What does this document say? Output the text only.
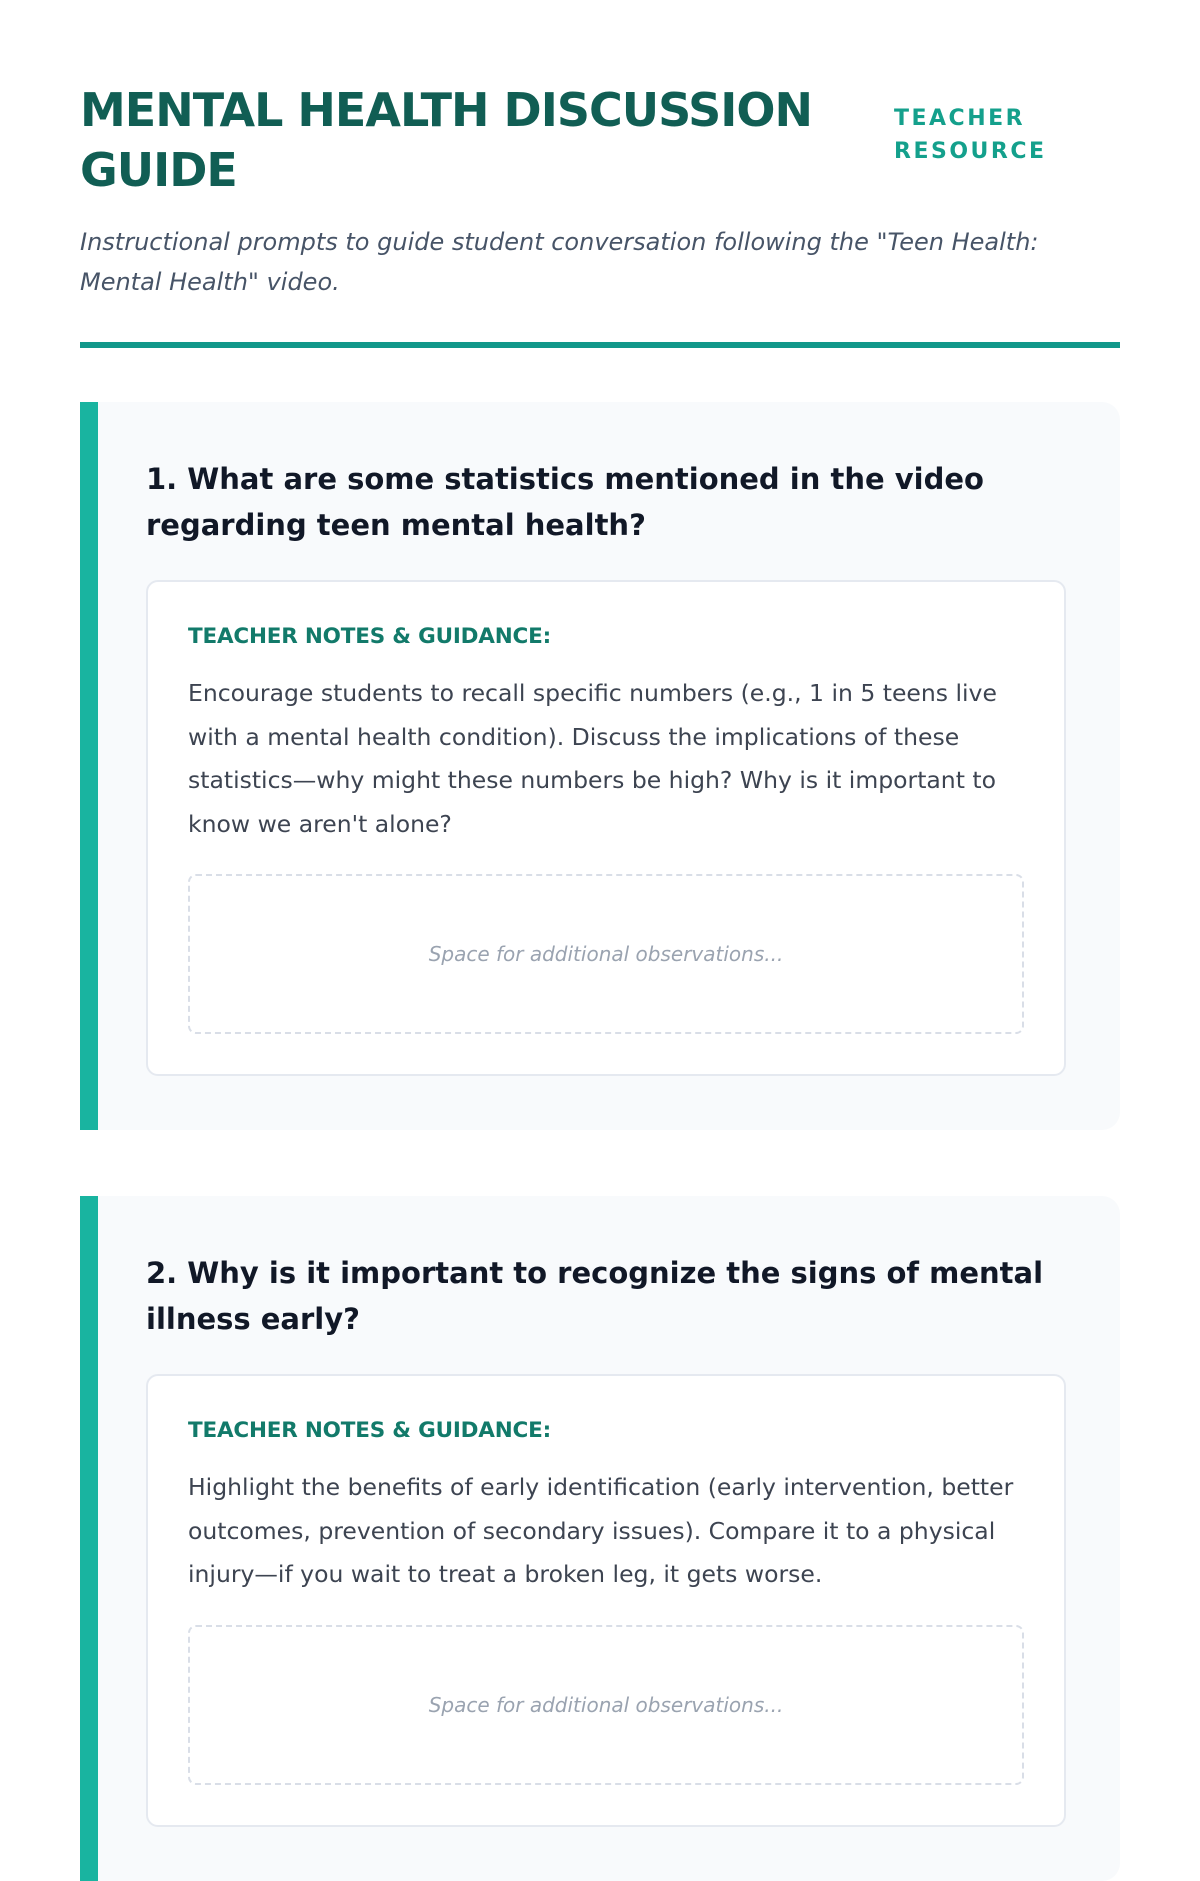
MENTAL HEALTH DISCUSSION GUIDE
TEACHER RESOURCE

Instructional prompts to guide student conversation following the "Teen Health: Mental Health" video.

1. What are some statistics mentioned in the video regarding teen mental health?
TEACHER NOTES & GUIDANCE:

Encourage students to recall specific numbers (e.g., 1 in 5 teens live with a mental health condition). Discuss the implications of these statistics—why might these numbers be high? Why is it important to know we aren't alone?

Space for additional observations...
2. Why is it important to recognize the signs of mental illness early?
TEACHER NOTES & GUIDANCE:

Highlight the benefits of early identification (early intervention, better outcomes, prevention of secondary issues). Compare it to a physical injury—if you wait to treat a broken leg, it gets worse.

Space for additional observations...
